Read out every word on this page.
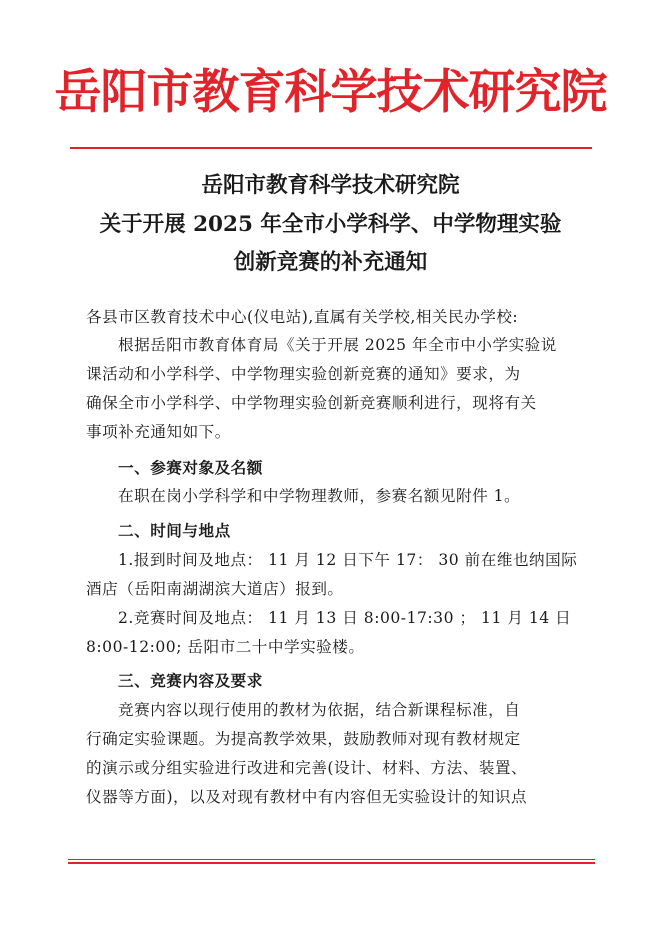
岳阳市教育科学技术研究院
岳阳市教育科学技术研究院
关于开展 2025 年全市小学科学、中学物理实验
创新竞赛的补充通知
各县市区教育技术中心(仪电站),直属有关学校,相关民办学校:
根据岳阳市教育体育局《关于开展 2025 年全市中小学实验说
课活动和小学科学、中学物理实验创新竞赛的通知》要求，为
确保全市小学科学、中学物理实验创新竞赛顺利进行，现将有关
事项补充通知如下。
一、参赛对象及名额
在职在岗小学科学和中学物理教师，参赛名额见附件 1。
二、时间与地点
1.报到时间及地点： 11 月 12 日下午 17： 30 前在维也纳国际
酒店（岳阳南湖湖滨大道店）报到。
2.竞赛时间及地点： 11 月 13 日 8:00-17:30 ； 11 月 14 日
8:00-12:00; 岳阳市二十中学实验楼。
三、竞赛内容及要求
竞赛内容以现行使用的教材为依据，结合新课程标准，自
行确定实验课题。为提高教学效果，鼓励教师对现有教材规定
的演示或分组实验进行改进和完善(设计、材料、方法、装置、
仪器等方面)，以及对现有教材中有内容但无实验设计的知识点
